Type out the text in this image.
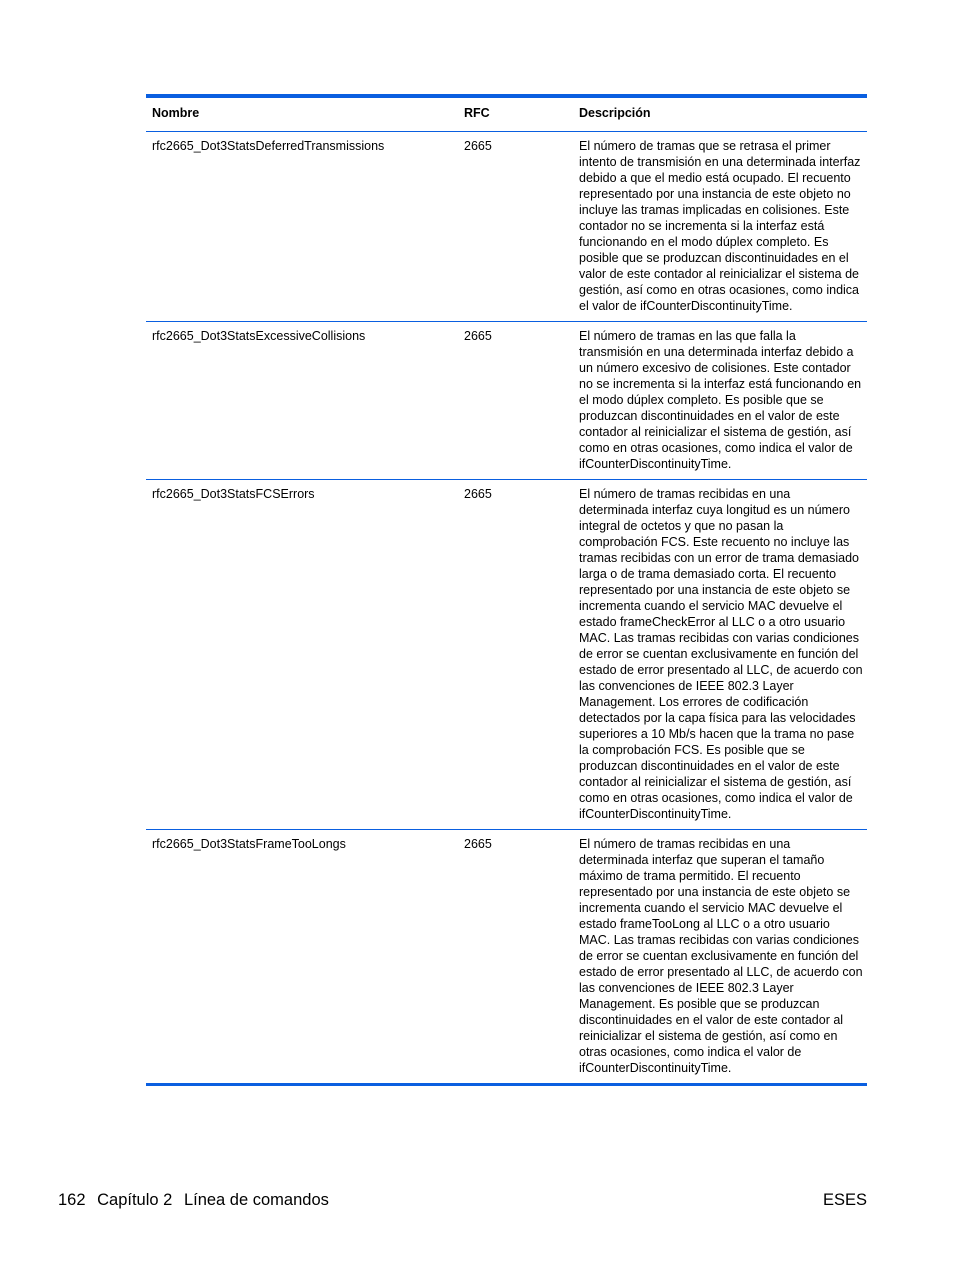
Nombre	RFC	Descripción
rfc2665_Dot3StatsDeferredTransmissions	2665	El número de tramas que se retrasa el primer intento de transmisión en una determinada interfaz debido a que el medio está ocupado. El recuento representado por una instancia de este objeto no incluye las tramas implicadas en colisiones. Este contador no se incrementa si la interfaz está funcionando en el modo dúplex completo. Es posible que se produzcan discontinuidades en el valor de este contador al reinicializar el sistema de gestión, así como en otras ocasiones, como indica el valor de ifCounterDiscontinuityTime.
rfc2665_Dot3StatsExcessiveCollisions	2665	El número de tramas en las que falla la transmisión en una determinada interfaz debido a un número excesivo de colisiones. Este contador no se incrementa si la interfaz está funcionando en el modo dúplex completo. Es posible que se produzcan discontinuidades en el valor de este contador al reinicializar el sistema de gestión, así como en otras ocasiones, como indica el valor de ifCounterDiscontinuityTime.
rfc2665_Dot3StatsFCSErrors	2665	El número de tramas recibidas en una determinada interfaz cuya longitud es un número integral de octetos y que no pasan la comprobación FCS. Este recuento no incluye las tramas recibidas con un error de trama demasiado larga o de trama demasiado corta. El recuento representado por una instancia de este objeto se incrementa cuando el servicio MAC devuelve el estado frameCheckError al LLC o a otro usuario MAC. Las tramas recibidas con varias condiciones de error se cuentan exclusivamente en función del estado de error presentado al LLC, de acuerdo con las convenciones de IEEE 802.3 Layer Management. Los errores de codificación detectados por la capa física para las velocidades superiores a 10 Mb/s hacen que la trama no pase la comprobación FCS. Es posible que se produzcan discontinuidades en el valor de este contador al reinicializar el sistema de gestión, así como en otras ocasiones, como indica el valor de ifCounterDiscontinuityTime.
rfc2665_Dot3StatsFrameTooLongs	2665	El número de tramas recibidas en una determinada interfaz que superan el tamaño máximo de trama permitido. El recuento representado por una instancia de este objeto se incrementa cuando el servicio MAC devuelve el estado frameTooLong al LLC o a otro usuario MAC. Las tramas recibidas con varias condiciones de error se cuentan exclusivamente en función del estado de error presentado al LLC, de acuerdo con las convenciones de IEEE 802.3 Layer Management. Es posible que se produzcan discontinuidades en el valor de este contador al reinicializar el sistema de gestión, así como en otras ocasiones, como indica el valor de ifCounterDiscontinuityTime.
162 Capítulo 2 Línea de comandos	ESES
